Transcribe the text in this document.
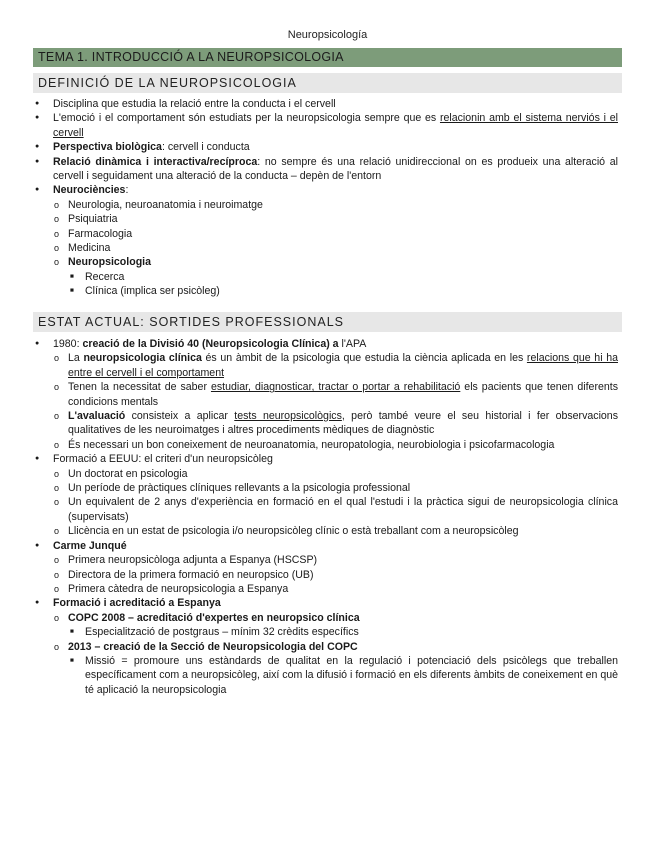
Neuropsicología
TEMA 1. INTRODUCCIÓ A LA NEUROPSICOLOGIA
DEFINICIÓ DE LA NEUROPSICOLOGIA
● Disciplina que estudia la relació entre la conducta i el cervell
● L'emoció i el comportament són estudiats per la neuropsicologia sempre que es relacionin amb el sistema nerviós i el cervell
● Perspectiva biològica: cervell i conducta
● Relació dinàmica i interactiva/recíproca: no sempre és una relació unidireccional on es produeix una alteració al cervell i seguidament una alteració de la conducta – depèn de l'entorn
● Neurociències:
o Neurologia, neuroanatomia i neuroimatge
o Psiquiatria
o Farmacologia
o Medicina
o Neuropsicologia
■ Recerca
■ Clínica (implica ser psicòleg)
ESTAT ACTUAL: SORTIDES PROFESSIONALS
● 1980: creació de la Divisió 40 (Neuropsicologia Clínica) a l'APA
o La neuropsicologia clínica és un àmbit de la psicologia que estudia la ciència aplicada en les relacions que hi ha entre el cervell i el comportament
o Tenen la necessitat de saber estudiar, diagnosticar, tractar o portar a rehabilitació els pacients que tenen diferents condicions mentals
o L'avaluació consisteix a aplicar tests neuropsicològics, però també veure el seu historial i fer observacions qualitatives de les neuroimatges i altres procediments mèdiques de diagnòstic
o És necessari un bon coneixement de neuroanatomia, neuropatologia, neurobiologia i psicofarmacologia
● Formació a EEUU: el criteri d'un neuropsicòleg
o Un doctorat en psicologia
o Un període de pràctiques clíniques rellevants a la psicologia professional
o Un equivalent de 2 anys d'experiència en formació en el qual l'estudi i la pràctica sigui de neuropsicologia clínica (supervisats)
o Llicència en un estat de psicologia i/o neuropsicòleg clínic o està treballant com a neuropsicòleg
● Carme Junqué
o Primera neuropsicòloga adjunta a Espanya (HSCSP)
o Directora de la primera formació en neuropsico (UB)
o Primera càtedra de neuropsicologia a Espanya
● Formació i acreditació a Espanya
o COPC 2008 – acreditació d'expertes en neuropsico clínica
■ Especialització de postgraus – mínim 32 crèdits específics
o 2013 – creació de la Secció de Neuropsicologia del COPC
■ Missió = promoure uns estàndards de qualitat en la regulació i potenciació dels psicòlegs que treballen específicament com a neuropsicòleg, així com la difusió i formació en els diferents àmbits de coneixement en què té aplicació la neuropsicologia
